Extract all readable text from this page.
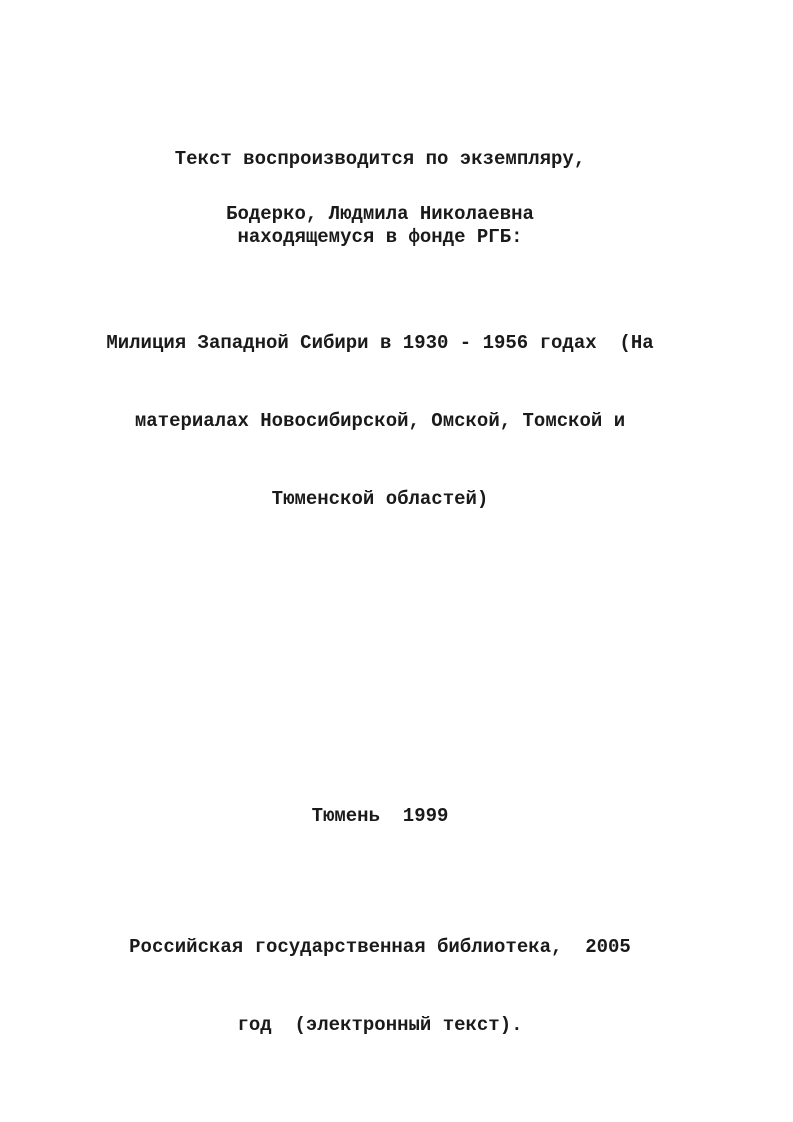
Текст воспроизводится по экземпляру,

находящемуся в фонде РГБ:

Бодерко, Людмила Николаевна

Милиция Западной Сибири в 1930 - 1956 годах  (На

материалах Новосибирской, Омской, Томской и

Тюменской областей)

Тюмень  1999

Российская государственная библиотека,  2005

год  (электронный текст).
